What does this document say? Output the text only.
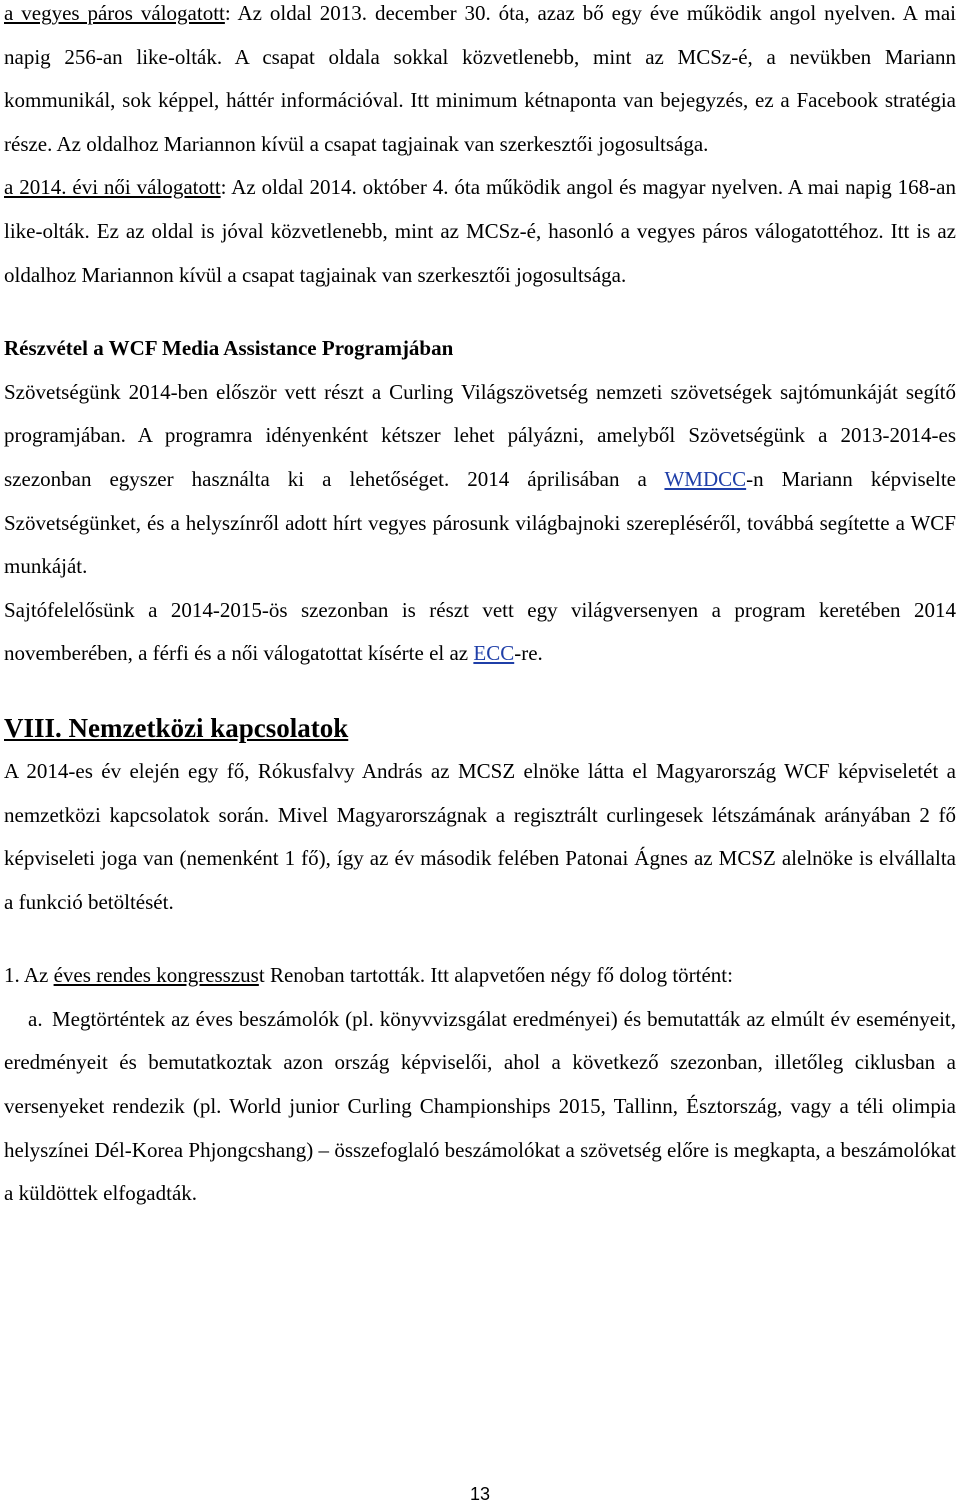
a vegyes páros válogatott: Az oldal 2013. december 30. óta, azaz bő egy éve működik angol nyelven. A mai napig 256-an like-olták. A csapat oldala sokkal közvetlenebb, mint az MCSz-é, a nevükben Mariann kommunikál, sok képpel, háttér információval. Itt minimum kétnaponta van bejegyzés, ez a Facebook stratégia része. Az oldalhoz Mariannon kívül a csapat tagjainak van szerkesztői jogosultsága.

a 2014. évi női válogatott: Az oldal 2014. október 4. óta működik angol és magyar nyelven. A mai napig 168-an like-olták. Ez az oldal is jóval közvetlenebb, mint az MCSz-é, hasonló a vegyes páros válogatottéhoz. Itt is az oldalhoz Mariannon kívül a csapat tagjainak van szerkesztői jogosultsága.

Részvétel a WCF Media Assistance Programjában

Szövetségünk 2014-ben először vett részt a Curling Világszövetség nemzeti szövetségek sajtómunkáját segítő programjában. A programra idényenként kétszer lehet pályázni, amelyből Szövetségünk a 2013-2014-es szezonban egyszer használta ki a lehetőséget. 2014 áprilisában a WMDCC-n Mariann képviselte Szövetségünket, és a helyszínről adott hírt vegyes párosunk világbajnoki szerepléséről, továbbá segítette a WCF munkáját.

Sajtófelelősünk a 2014-2015-ös szezonban is részt vett egy világversenyen a program keretében 2014 novemberében, a férfi és a női válogatottat kísérte el az ECC-re.

VIII. Nemzetközi kapcsolatok

A 2014-es év elején egy fő, Rókusfalvy András az MCSZ elnöke látta el Magyarország WCF képviseletét a nemzetközi kapcsolatok során. Mivel Magyarországnak a regisztrált curlingesek létszámának arányában 2 fő képviseleti joga van (nemenként 1 fő), így az év második felében Patonai Ágnes az MCSZ alelnöke is elvállalta a funkció betöltését.

1. Az éves rendes kongresszust Renoban tartották. Itt alapvetően négy fő dolog történt:

a. Megtörténtek az éves beszámolók (pl. könyvvizsgálat eredményei) és bemutatták az elmúlt év eseményeit, eredményeit és bemutatkoztak azon ország képviselői, ahol a következő szezonban, illetőleg ciklusban a versenyeket rendezik (pl. World junior Curling Championships 2015, Tallinn, Észtország, vagy a téli olimpia helyszínei Dél-Korea Phjongcshang) – összefoglaló beszámolókat a szövetség előre is megkapta, a beszámolókat a küldöttek elfogadták.

13
